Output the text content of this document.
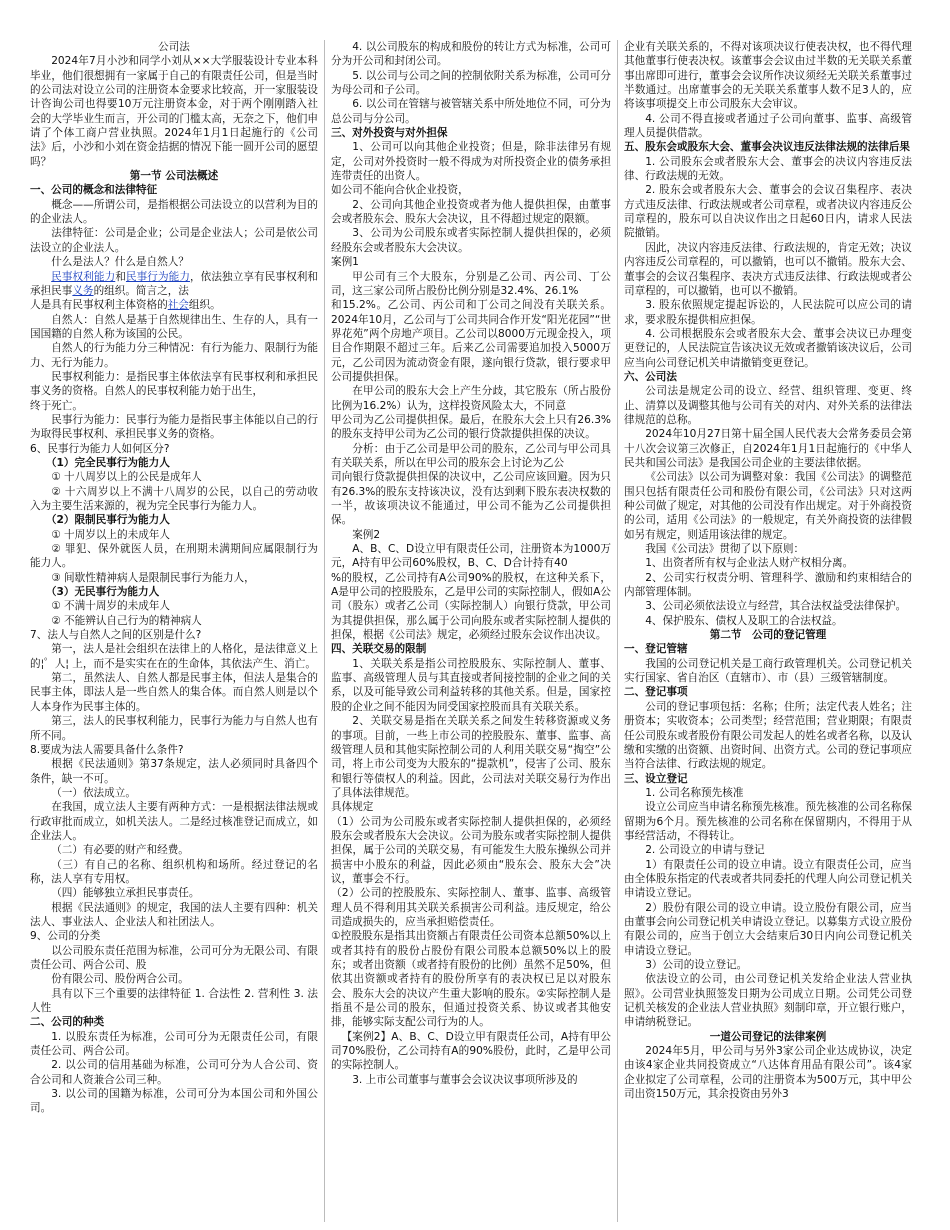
公司法

2024年7月小沙和同学小刘从××大学服装设计专业本科毕业，他们很想拥有一家属于自己的有限责任公司，但是当时的公司法对设立公司的注册资本金要求比较高，开一家服装设计咨询公司也得要10万元注册资本金，对于两个刚刚踏入社会的大学毕业生而言，开公司的门槛太高，无奈之下，他们申请了个体工商户营业执照。2024年1月1日起施行的《公司法》后，小沙和小刘在资金拮据的情况下能一圆开公司的愿望吗？

第一节 公司法概述

一、公司的概念和法律特征

概念——所谓公司，是指根据公司法设立的以营利为目的的企业法人。

法律特征：公司是企业；公司是企业法人；公司是依公司法设立的企业法人。

什么是法人？什么是自然人？

民事权利能力和民事行为能力，依法独立享有民事权利和承担民事义务的组织。简言之，法

人是具有民事权利主体资格的社会组织。

自然人：自然人是基于自然规律出生、生存的人，具有一国国籍的自然人称为该国的公民。

自然人的行为能力分三种情况：有行为能力、限制行为能力、无行为能力。

民事权利能力：是指民事主体依法享有民事权利和承担民事义务的资格。自然人的民事权利能力始于出生，

终于死亡。

民事行为能力：民事行为能力是指民事主体能以自己的行为取得民事权利、承担民事义务的资格。

6、民事行为能力人如何区分?

（1）完全民事行为能力人

① 十八周岁以上的公民是成年人

② 十六周岁以上不满十八周岁的公民，以自己的劳动收入为主要生活来源的，视为完全民事行为能力人。

（2）限制民事行为能力人

① 十周岁以上的未成年人

② 罪犯、保外就医人员，在刑期未满期间应属限制行为能力人。

③ 间歇性精神病人是限制民事行为能力人，

（3）无民事行为能力人

① 不满十周岁的未成年人

② 不能辨认自己行为的精神病人

7、法人与自然人之间的区别是什么?

第一，法人是社会组织在法律上的人格化，是法律意义上的¦゜人¦ 上，而不是实实在在的生命体，其依法产生、消亡。

第二，虽然法人、自然人都是民事主体，但法人是集合的民事主体，即法人是一些自然人的集合体。而自然人则是以个人本身作为民事主体的。

第三，法人的民事权利能力，民事行为能力与自然人也有所不同。

8.要成为法人需要具备什么条件?

根据《民法通则》第37条规定，法人必须同时具备四个条件，缺一不可。

（一）依法成立。

在我国，成立法人主要有两种方式：一是根据法律法规或行政审批而成立，如机关法人。二是经过核准登记而成立，如企业法人。

（二）有必要的财产和经费。

（三）有自己的名称、组织机构和场所。经过登记的名称，法人享有专用权。

（四）能够独立承担民事责任。

根据《民法通则》的规定，我国的法人主要有四种：机关法人、事业法人、企业法人和社团法人。

9、公司的分类

以公司股东责任范围为标准，公司可分为无限公司、有限责任公司、两合公司、股

份有限公司、股份两合公司。

具有以下三个重要的法律特征 1. 合法性 2. 营利性 3. 法人性

二、公司的种类

1. 以股东责任为标准，公司可分为无限责任公司，有限责任公司、两合公司。

2. 以公司的信用基础为标准，公司可分为人合公司、资合公司和人资兼合公司三种。

3. 以公司的国籍为标准，公司可分为本国公司和外国公司。

4. 以公司股东的构成和股份的转让方式为标准，公司可分为开公司和封闭公司。

5. 以公司与公司之间的控制依附关系为标准，公司可分为母公司和子公司。

6. 以公司在管辖与被管辖关系中所处地位不同，可分为总公司与分公司。

三、对外投资与对外担保

1、公司可以向其他企业投资；但是，除非法律另有规定，公司对外投资时一般不得成为对所投资企业的债务承担连带责任的出资人。

如公司不能向合伙企业投资，

2、公司向其他企业投资或者为他人提供担保，由董事会或者股东会、股东大会决议，且不得超过规定的限额。

3、公司为公司股东或者实际控制人提供担保的，必须经股东会或者股东大会决议。

案例1

甲公司有三个大股东，分别是乙公司、丙公司、丁公司，这三家公司所占股份比例分别是32.4%、26.1%

和15.2%。乙公司、丙公司和丁公司之间没有关联关系。2024年10月，乙公司与丁公司共同合作开发“阳光花园”“世界花苑”两个房地产项目。乙公司以8000万元现金投入，项目合作期限不超过三年。后来乙公司需要追加投入5000万元，乙公司因为流动资金有限，遂向银行贷款，银行要求甲公司提供担保。

在甲公司的股东大会上产生分歧，其它股东（所占股份比例为16.2%）认为，这样投资风险太大，不同意

甲公司为乙公司提供担保。最后，在股东大会上只有26.3%的股东支持甲公司为乙公司的银行贷款提供担保的决议。

分析：由于乙公司是甲公司的股东，乙公司与甲公司具有关联关系，所以在甲公司的股东会上讨论为乙公

司向银行贷款提供担保的决议中，乙公司应该回避。因为只有26.3%的股东支持该决议，没有达到剩下股东表决权数的一半，故该项决议不能通过，甲公司不能为乙公司提供担保。

案例2

A、B、C、D设立甲有限责任公司，注册资本为1000万元，A持有甲公司60%股权，B、C、D合计持有40

%的股权，乙公司持有A公司90%的股权，在这种关系下，A是甲公司的控股股东，乙是甲公司的实际控制人，假如A公司（股东）或者乙公司（实际控制人）向银行贷款，甲公司为其提供担保，那么属于公司向股东或者实际控制人提供的担保，根据《公司法》规定，必须经过股东会议作出决议。

四、关联交易的限制

1、关联关系是指公司控股股东、实际控制人、董事、监事、高级管理人员与其直接或者间接控制的企业之间的关系，以及可能导致公司利益转移的其他关系。但是，国家控股的企业之间不能因为同受国家控股而具有关联关系。

2、关联交易是指在关联关系之间发生转移资源或义务的事项。目前，一些上市公司的控股股东、董事、监事、高级管理人员和其他实际控制公司的人利用关联交易“掏空”公司，将上市公司变为大股东的“提款机”，侵害了公司、股东和银行等债权人的利益。因此，公司法对关联交易行为作出了具体法律规范。

具体规定

（1）公司为公司股东或者实际控制人提供担保的，必须经股东会或者股东大会决议。公司为股东或者实际控制人提供担保，属于公司的关联交易，有可能发生大股东操纵公司并损害中小股东的利益，因此必须由“股东会、股东大会”决议，董事会不行。

（2）公司的控股股东、实际控制人、董事、监事、高级管理人员不得利用其关联关系损害公司利益。违反规定，给公司造成损失的，应当承担赔偿责任。

①控股股东是指其出资额占有限责任公司资本总额50%以上或者其持有的股份占股份有限公司股本总额50%以上的股东；或者出资额（或者持有股份的比例）虽然不足50%，但依其出资额或者持有的股份所享有的表决权已足以对股东会、股东大会的决议产生重大影响的股东。②实际控制人是指虽不是公司的股东，但通过投资关系、协议或者其他安排，能够实际支配公司行为的人。

【案例2】A、B、C、D设立甲有限责任公司，A持有甲公司70%股份，乙公司持有A的90%股份，此时，乙是甲公司的实际控制人。

3. 上市公司董事与董事会会议决议事项所涉及的

企业有关联关系的，不得对该项决议行使表决权，也不得代理其他董事行使表决权。该董事会会议由过半数的无关联关系董事出席即可进行，董事会会议所作决议须经无关联关系董事过半数通过。出席董事会的无关联关系董事人数不足3人的，应将该事项提交上市公司股东大会审议。

4. 公司不得直接或者通过子公司向董事、监事、高级管理人员提供借款。

五、股东会或股东大会、董事会决议违反法律法规的法律后果

1. 公司股东会或者股东大会、董事会的决议内容违反法律、行政法规的无效。

2. 股东会或者股东大会、董事会的会议召集程序、表决方式违反法律、行政法规或者公司章程，或者决议内容违反公司章程的，股东可以自决议作出之日起60日内，请求人民法院撤销。

因此，决议内容违反法律、行政法规的，肯定无效；决议内容违反公司章程的，可以撤销，也可以不撤销。股东大会、董事会的会议召集程序、表决方式违反法律、行政法规或者公司章程的，可以撤销，也可以不撤销。

3. 股东依照规定提起诉讼的，人民法院可以应公司的请求，要求股东提供相应担保。

4. 公司根据股东会或者股东大会、董事会决议已办理变更登记的，人民法院宣告该决议无效或者撤销该决议后，公司应当向公司登记机关申请撤销变更登记。

六、公司法

公司法是规定公司的设立、经营、组织管理、变更、终止、清算以及调整其他与公司有关的对内、对外关系的法律法律规范的总称。

2024年10月27日第十届全国人民代表大会常务委员会第十八次会议第三次修正，自2024年1月1日起施行的《中华人民共和国公司法》是我国公司企业的主要法律依据。

《公司法》以公司为调整对象：我国《公司法》的调整范围只包括有限责任公司和股份有限公司，《公司法》只对这两种公司做了规定，对其他的公司没有作出规定。对于外商投资的公司，适用《公司法》的一般规定，有关外商投资的法律假如另有规定，则适用该法律的规定。

我国《公司法》贯彻了以下原则：

1、出资者所有权与企业法人财产权相分离。

2、公司实行权责分明、管理科学、激励和约束相结合的内部管理体制。

3、公司必须依法设立与经营，其合法权益受法律保护。

4、保护股东、债权人及职工的合法权益。

第二节　公司的登记管理

一、登记管辖

我国的公司登记机关是工商行政管理机关。公司登记机关实行国家、省自治区（直辖市）、市（县）三级管辖制度。

二、登记事项

公司的登记事项包括：名称；住所；法定代表人姓名；注册资本；实收资本；公司类型；经营范围；营业期限；有限责任公司股东或者股份有限公司发起人的姓名或者名称，以及认缴和实缴的出资额、出资时间、出资方式。公司的登记事项应当符合法律、行政法规的规定。

三、设立登记

1. 公司名称预先核准

设立公司应当申请名称预先核准。预先核准的公司名称保留期为6个月。预先核准的公司名称在保留期内，不得用于从事经营活动，不得转让。

2. 公司设立的申请与登记

1）有限责任公司的设立申请。设立有限责任公司，应当由全体股东指定的代表或者共同委托的代理人向公司登记机关申请设立登记。

2）股份有限公司的设立申请。设立股份有限公司，应当由董事会向公司登记机关申请设立登记。以募集方式设立股份有限公司的，应当于创立大会结束后30日内向公司登记机关申请设立登记。

3）公司的设立登记。

依法设立的公司，由公司登记机关发给企业法人营业执照》。公司营业执照签发日期为公司成立日期。公司凭公司登记机关核发的企业法人营业执照》刻制印章，开立银行账户，申请纳税登记。

一道公司登记的法律案例

2024年5月，甲公司与另外3家公司企业达成协议，决定由该4家企业共同投资成立“八达体育用品有限公司”。该4家企业拟定了公司章程，公司的注册资本为500万元，其中甲公司出资150万元，其余投资由另外3
